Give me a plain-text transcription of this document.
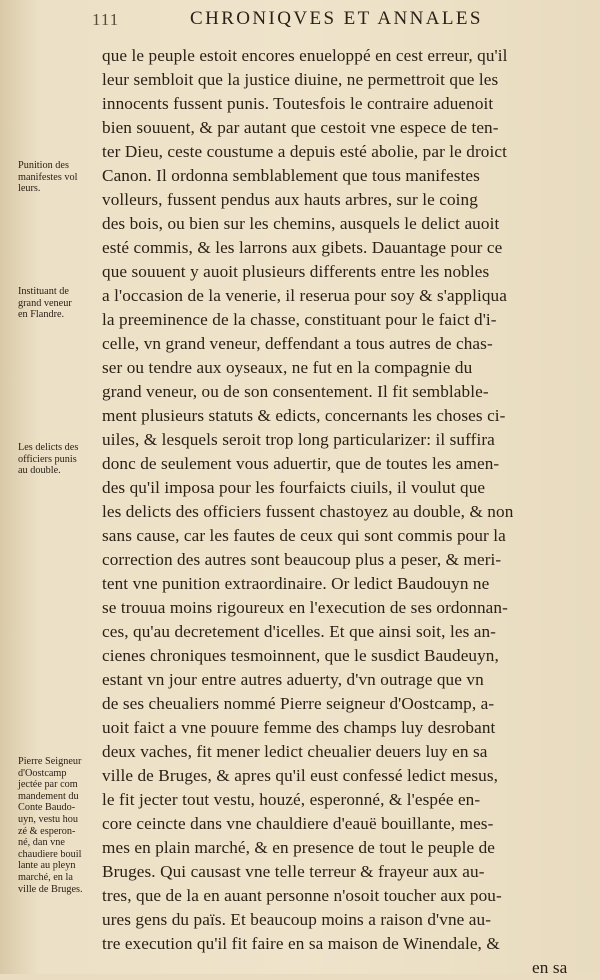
111	CHRONIQVES ET ANNALES
que le peuple estoit encores enueloppé en cest erreur, qu'il
leur sembloit que la justice diuine, ne permettroit que les
innocents fussent punis. Toutesfois le contraire aduenoit
bien souuent, & par autant que cestoit vne espece de ten-
ter Dieu, ceste coustume a depuis esté abolie, par le droict
Canon. Il ordonna semblablement que tous manifestes
volleurs, fussent pendus aux hauts arbres, sur le coing
des bois, ou bien sur les chemins, ausquels le delict auoit
esté commis, & les larrons aux gibets. Dauantage pour ce
que souuent y auoit plusieurs differents entre les nobles
a l'occasion de la venerie, il reserua pour soy & s'appliqua
la preeminence de la chasse, constituant pour le faict d'i-
celle, vn grand veneur, deffendant a tous autres de chas-
ser ou tendre aux oyseaux, ne fut en la compagnie du
grand veneur, ou de son consentement. Il fit semblable-
ment plusieurs statuts & edicts, concernants les choses ci-
uiles, & lesquels seroit trop long particularizer: il suffira
donc de seulement vous aduertir, que de toutes les amen-
des qu'il imposa pour les fourfaicts ciuils, il voulut que
les delicts des officiers fussent chastoyez au double, & non
sans cause, car les fautes de ceux qui sont commis pour la
correction des autres sont beaucoup plus a peser, & meri-
tent vne punition extraordinaire. Or ledict Baudouyn ne
se trouua moins rigoureux en l'execution de ses ordonnan-
ces, qu'au decretement d'icelles. Et que ainsi soit, les an-
cienes chroniques tesmoinnent, que le susdict Baudeuyn,
estant vn jour entre autres aduerty, d'vn outrage que vn
de ses cheualiers nommé Pierre seigneur d'Oostcamp, a-
uoit faict a vne pouure femme des champs luy desrobant
deux vaches, fit mener ledict cheualier deuers luy en sa
ville de Bruges, & apres qu'il eust confessé ledict mesus,
le fit jecter tout vestu, houzé, esperonné, & l'espée en-
core ceincte dans vne chauldiere d'eauë bouillante, mes-
mes en plain marché, & en presence de tout le peuple de
Bruges. Qui causast vne telle terreur & frayeur aux au-
tres, que de la en auant personne n'osoit toucher aux pou-
ures gens du païs. Et beaucoup moins a raison d'vne au-
tre execution qu'il fit faire en sa maison de Winendale, &
en sa
Punition des
manifestes vol
leurs.
Instituant de
grand veneur
en Flandre.
Les delicts des
officiers punis
au double.
Pierre Seigneur
d'Oostcamp
jectée par com
mandement du
Conte Baudo-
uyn, vestu hou
zé & esperon-
né, dan vne
chaudiere bouil
lante au pleyn
marché, en la
ville de Bruges.
